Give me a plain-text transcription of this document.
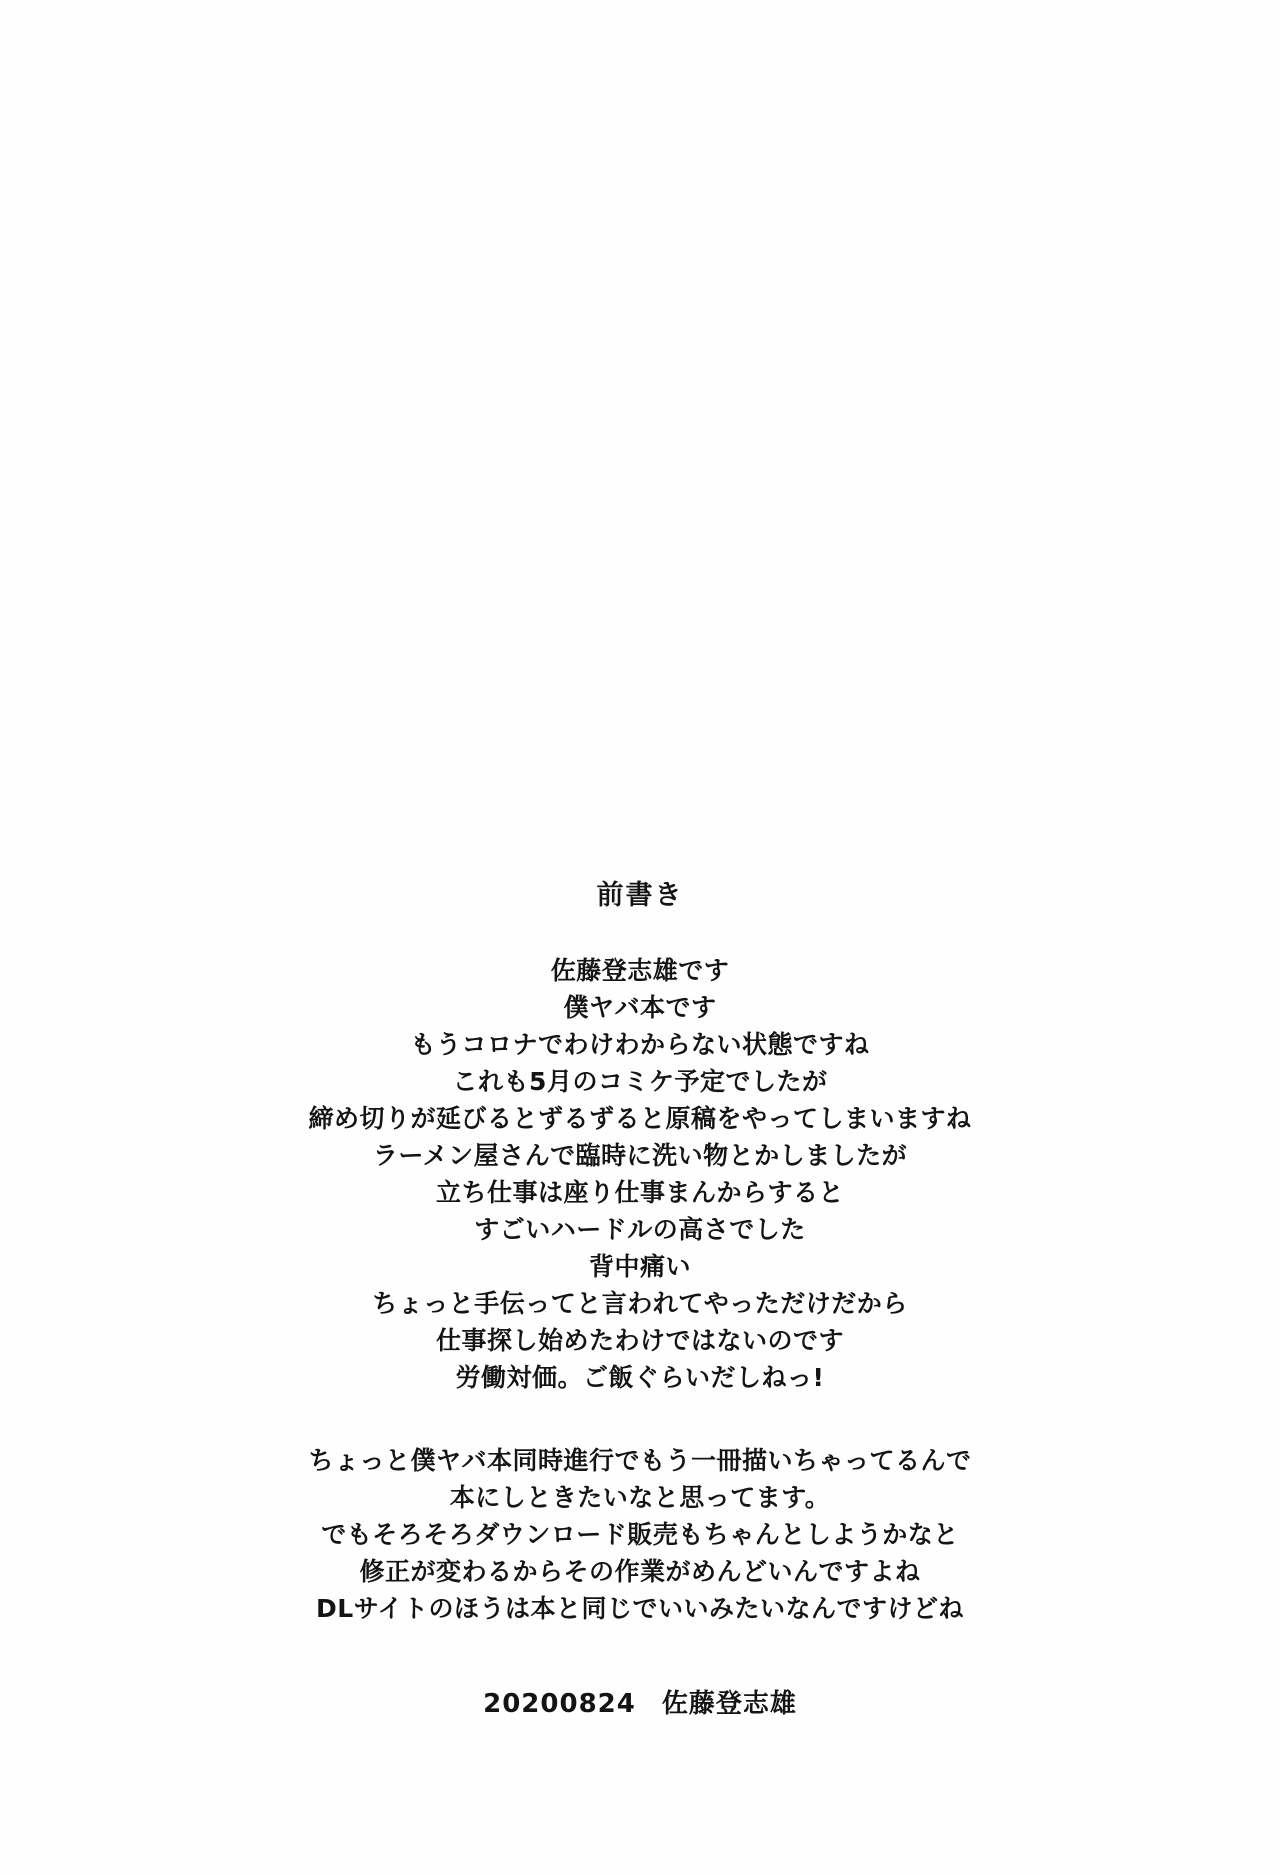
前書き
佐藤登志雄です
僕ヤバ本です
もうコロナでわけわからない状態ですね
これも5月のコミケ予定でしたが
締め切りが延びるとずるずると原稿をやってしまいますね
ラーメン屋さんで臨時に洗い物とかしましたが
立ち仕事は座り仕事まんからすると
すごいハードルの高さでした
背中痛い
ちょっと手伝ってと言われてやっただけだから
仕事探し始めたわけではないのです
労働対価。ご飯ぐらいだしねっ!
ちょっと僕ヤバ本同時進行でもう一冊描いちゃってるんで
本にしときたいなと思ってます。
でもそろそろダウンロード販売もちゃんとしようかなと
修正が変わるからその作業がめんどいんですよね
DLサイトのほうは本と同じでいいみたいなんですけどね
20200824 佐藤登志雄
